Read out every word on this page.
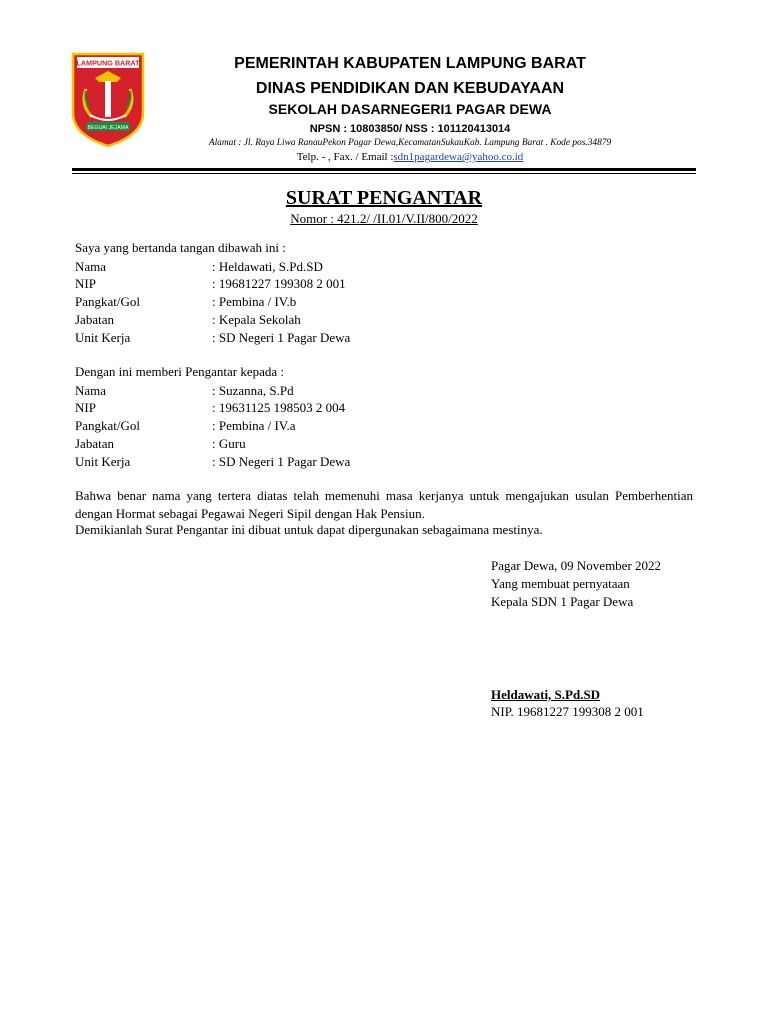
LAMPUNG BARAT
BEGUAI JEJAMA
PEMERINTAH KABUPATEN LAMPUNG BARAT
DINAS PENDIDIKAN DAN KEBUDAYAAN
SEKOLAH DASARNEGERI1 PAGAR DEWA
NPSN : 10803850/ NSS : 101120413014
Alamat : Jl. Raya Liwa RanauPekon Pagar Dewa,KecamatanSukauKab. Lampung Barat . Kode pos.34879
Telp. - , Fax. / Email :sdn1pagardewa@yahoo.co.id
SURAT PENGANTAR
Nomor : 421.2/ /II.01/V.II/800/2022
Saya yang bertanda tangan dibawah ini :
Nama	: Heldawati, S.Pd.SD
NIP	: 19681227 199308 2 001
Pangkat/Gol	: Pembina / IV.b
Jabatan	: Kepala Sekolah
Unit Kerja	: SD Negeri 1 Pagar Dewa
Dengan ini memberi Pengantar kepada :
Nama	: Suzanna, S.Pd
NIP	: 19631125 198503 2 004
Pangkat/Gol	: Pembina / IV.a
Jabatan	: Guru
Unit Kerja	: SD Negeri 1 Pagar Dewa
Bahwa benar nama yang tertera diatas telah memenuhi masa kerjanya untuk mengajukan usulan Pemberhentian dengan Hormat sebagai Pegawai Negeri Sipil dengan Hak Pensiun.
Demikianlah Surat Pengantar ini dibuat untuk dapat dipergunakan sebagaimana mestinya.
Pagar Dewa, 09 November 2022
Yang membuat pernyataan
Kepala SDN 1 Pagar Dewa
Heldawati, S.Pd.SD
NIP. 19681227 199308 2 001
